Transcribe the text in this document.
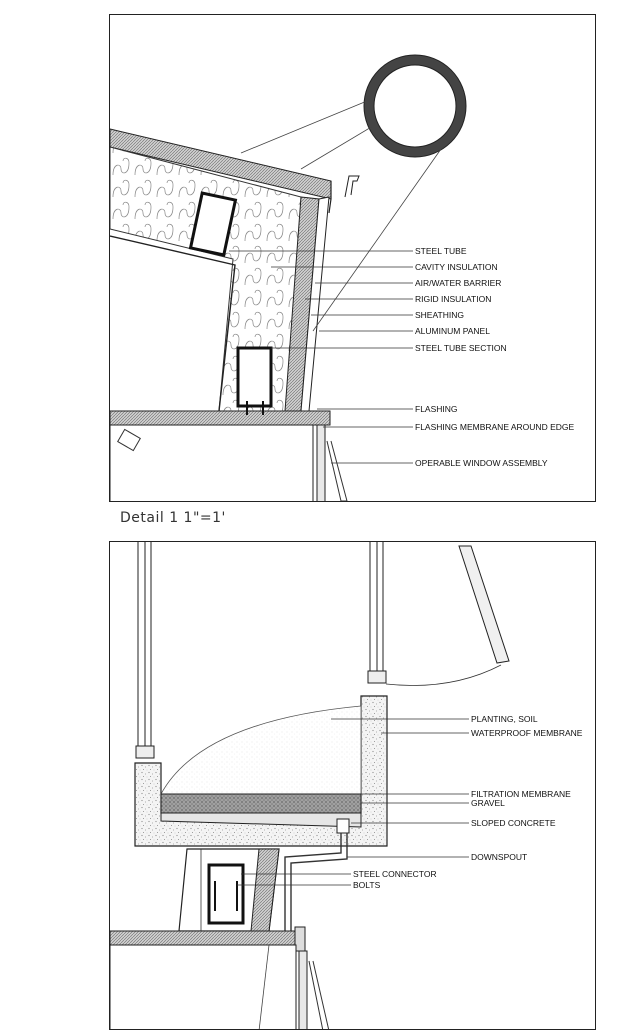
STEEL TUBE
CAVITY INSULATION
AIR/WATER BARRIER
RIGID INSULATION
SHEATHING
ALUMINUM PANEL
STEEL TUBE SECTION
FLASHING
FLASHING MEMBRANE AROUND EDGE
OPERABLE WINDOW ASSEMBLY
Detail 1 1"=1'
PLANTING, SOIL
WATERPROOF MEMBRANE
FILTRATION MEMBRANE
GRAVEL
SLOPED CONCRETE
DOWNSPOUT
STEEL CONNECTOR
BOLTS
